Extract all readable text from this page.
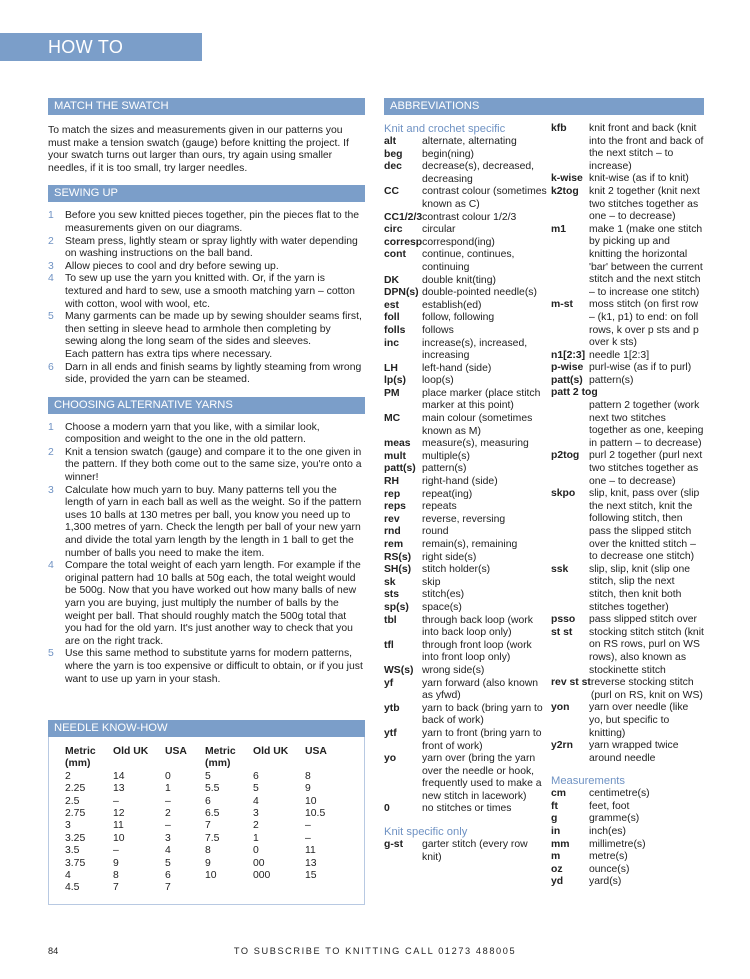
HOW TO
MATCH THE SWATCH

To match the sizes and measurements given in our patterns you must make a tension swatch (gauge) before knitting the project. If your swatch turns out larger than ours, try again using smaller needles, if it is too small, try larger needles.

SEWING UP
1 Before you sew knitted pieces together, pin the pieces flat to the measurements given on our diagrams.
2 Steam press, lightly steam or spray lightly with water depending on washing instructions on the ball band.
3 Allow pieces to cool and dry before sewing up.
4 To sew up use the yarn you knitted with. Or, if the yarn is textured and hard to sew, use a smooth matching yarn – cotton with cotton, wool with wool, etc.
5 Many garments can be made up by sewing shoulder seams first, then setting in sleeve head to armhole then completing by sewing along the long seam of the sides and sleeves.
Each pattern has extra tips where necessary.
6 Darn in all ends and finish seams by lightly steaming from wrong side, provided the yarn can be steamed.
CHOOSING ALTERNATIVE YARNS
1 Choose a modern yarn that you like, with a similar look, composition and weight to the one in the old pattern.
2 Knit a tension swatch (gauge) and compare it to the one given in the pattern. If they both come out to the same size, you're onto a winner!
3 Calculate how much yarn to buy. Many patterns tell you the length of yarn in each ball as well as the weight. So if the pattern uses 10 balls at 130 metres per ball, you know you need up to 1,300 metres of yarn. Check the length per ball of your new yarn and divide the total yarn length by the length in 1 ball to get the number of balls you need to make the item.
4 Compare the total weight of each yarn length. For example if the original pattern had 10 balls at 50g each, the total weight would be 500g. Now that you have worked out how many balls of new yarn you are buying, just multiply the number of balls by the weight per ball. That should roughly match the 500g total that you had for the old yarn. It's just another way to check that you are on the right track.
5 Use this same method to substitute yarns for modern patterns, where the yarn is too expensive or difficult to obtain, or if you just want to use up yarn in your stash.
NEEDLE KNOW-HOW
Metric (mm)	Old UK	USA	Metric (mm)	Old UK	USA
2	14	0	5	6	8
2.25	13	1	5.5	5	9
2.5	–	–	6	4	10
2.75	12	2	6.5	3	10.5
3	11	–	7	2	–
3.25	10	3	7.5	1	–
3.5	–	4	8	0	11
3.75	9	5	9	00	13
4	8	6	10	000	15
4.5	7	7			
ABBREVIATIONS
Knit and crochet specific
alt	alternate, alternating
beg	begin(ning)
dec	decrease(s), decreased, decreasing
CC	contrast colour (sometimes known as C)
CC1/2/3 contrast colour 1/2/3
circ	circular
corresp correspond(ing)
cont	continue, continues, continuing
DK	double knit(ting)
DPN(s) double-pointed needle(s)
est	establish(ed)
foll	follow, following
folls	follows
inc	increase(s), increased, increasing
LH	left-hand (side)
lp(s)	loop(s)
PM	place marker (place stitch marker at this point)
MC	main colour (sometimes known as M)
meas	measure(s), measuring
mult	multiple(s)
patt(s) pattern(s)
RH	right-hand (side)
rep	repeat(ing)
reps	repeats
rev	reverse, reversing
rnd	round
rem	remain(s), remaining
RS(s)	right side(s)
SH(s)	stitch holder(s)
sk	skip
sts	stitch(es)
sp(s)	space(s)
tbl	through back loop (work into back loop only)
tfl	through front loop (work into front loop only)
WS(s) wrong side(s)
yf	yarn forward (also known as yfwd)
ytb	yarn to back (bring yarn to back of work)
ytf	yarn to front (bring yarn to front of work)
yo	yarn over (bring the yarn over the needle or hook, frequently used to make a new stitch in lacework)
0	no stitches or times
Knit specific only
g-st	garter stitch (every row knit)
kfb	knit front and back (knit into the front and back of the next stitch – to increase)
k-wise knit-wise (as if to knit)
k2tog knit 2 together (knit next two stitches together as one – to decrease)
m1	make 1 (make one stitch by picking up and knitting the horizontal 'bar' between the current stitch and the next stitch – to increase one stitch)
m-st	moss stitch (on first row – (k1, p1) to end: on foll rows, k over p sts and p over k sts)
n1[2:3] needle 1[2:3]
p-wise purl-wise (as if to purl)
patt(s) pattern(s)
patt 2 tog
pattern 2 together (work next two stitches together as one, keeping in pattern – to decrease)
p2tog purl 2 together (purl next two stitches together as one – to decrease)
skpo	slip, knit, pass over (slip the next stitch, knit the following stitch, then pass the slipped stitch over the knitted stitch – to decrease one stitch)
ssk	slip, slip, knit (slip one stitch, slip the next stitch, then knit both stitches together)
psso	pass slipped stitch over
st st	stocking stitch stitch (knit on RS rows, purl on WS rows), also known as stockinette stitch
rev st st reverse stocking stitch (purl on RS, knit on WS)
yon	yarn over needle (like yo, but specific to knitting)
y2rn	yarn wrapped twice around needle
Measurements
cm	centimetre(s)
ft	feet, foot
g	gramme(s)
in	inch(es)
mm	millimetre(s)
m	metre(s)
oz	ounce(s)
yd	yard(s)
84	TO SUBSCRIBE TO KNITTING CALL 01273 488005
